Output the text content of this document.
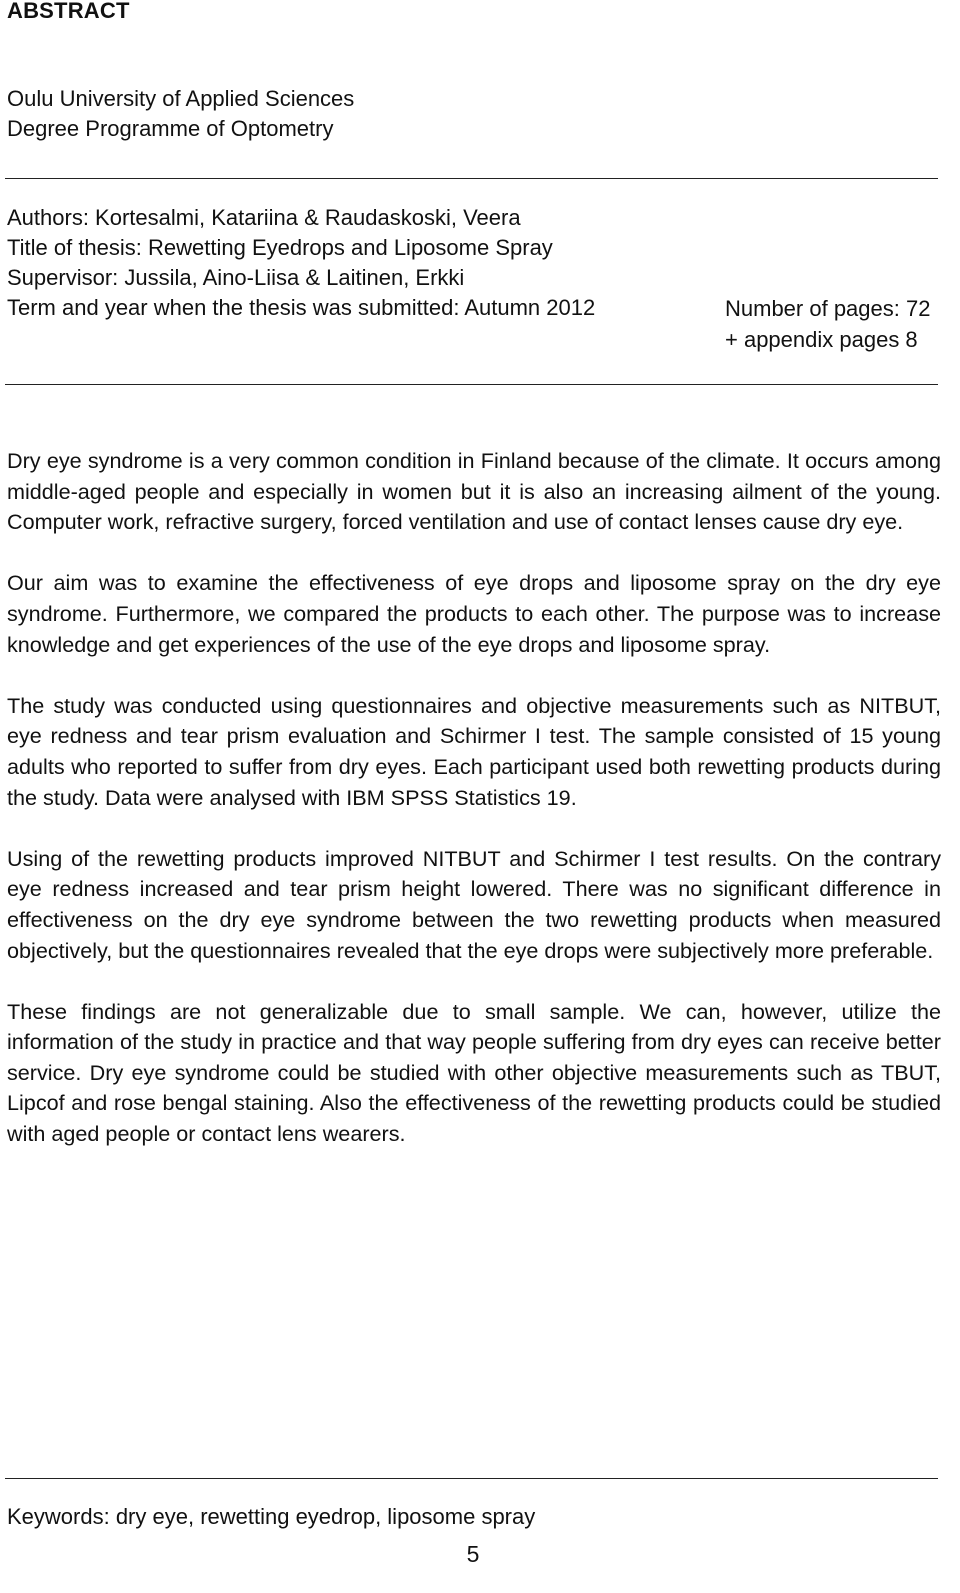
ABSTRACT
Oulu University of Applied Sciences
Degree Programme of Optometry
Authors: Kortesalmi, Katariina & Raudaskoski, Veera
Title of thesis: Rewetting Eyedrops and Liposome Spray
Supervisor: Jussila, Aino-Liisa & Laitinen, Erkki
Term and year when the thesis was submitted: Autumn 2012	Number of pages: 72
+ appendix pages 8

Dry eye syndrome is a very common condition in Finland because of the climate. It occurs among middle-aged people and especially in women but it is also an increasing ailment of the young. Computer work, refractive surgery, forced ventilation and use of contact lenses cause dry eye.

Our aim was to examine the effectiveness of eye drops and liposome spray on the dry eye syndrome. Furthermore, we compared the products to each other. The purpose was to increase knowledge and get experiences of the use of the eye drops and liposome spray.

The study was conducted using questionnaires and objective measurements such as NITBUT, eye redness and tear prism evaluation and Schirmer I test. The sample consisted of 15 young adults who reported to suffer from dry eyes. Each participant used both rewetting products during the study. Data were analysed with IBM SPSS Statistics 19.

Using of the rewetting products improved NITBUT and Schirmer I test results. On the contrary eye redness increased and tear prism height lowered. There was no significant difference in effectiveness on the dry eye syndrome between the two rewetting products when measured objectively, but the questionnaires revealed that the eye drops were subjectively more preferable.

These findings are not generalizable due to small sample. We can, however, utilize the information of the study in practice and that way people suffering from dry eyes can receive better service. Dry eye syndrome could be studied with other objective measurements such as TBUT, Lipcof and rose bengal staining. Also the effectiveness of the rewetting products could be studied with aged people or contact lens wearers.

Keywords: dry eye, rewetting eyedrop, liposome spray
5
